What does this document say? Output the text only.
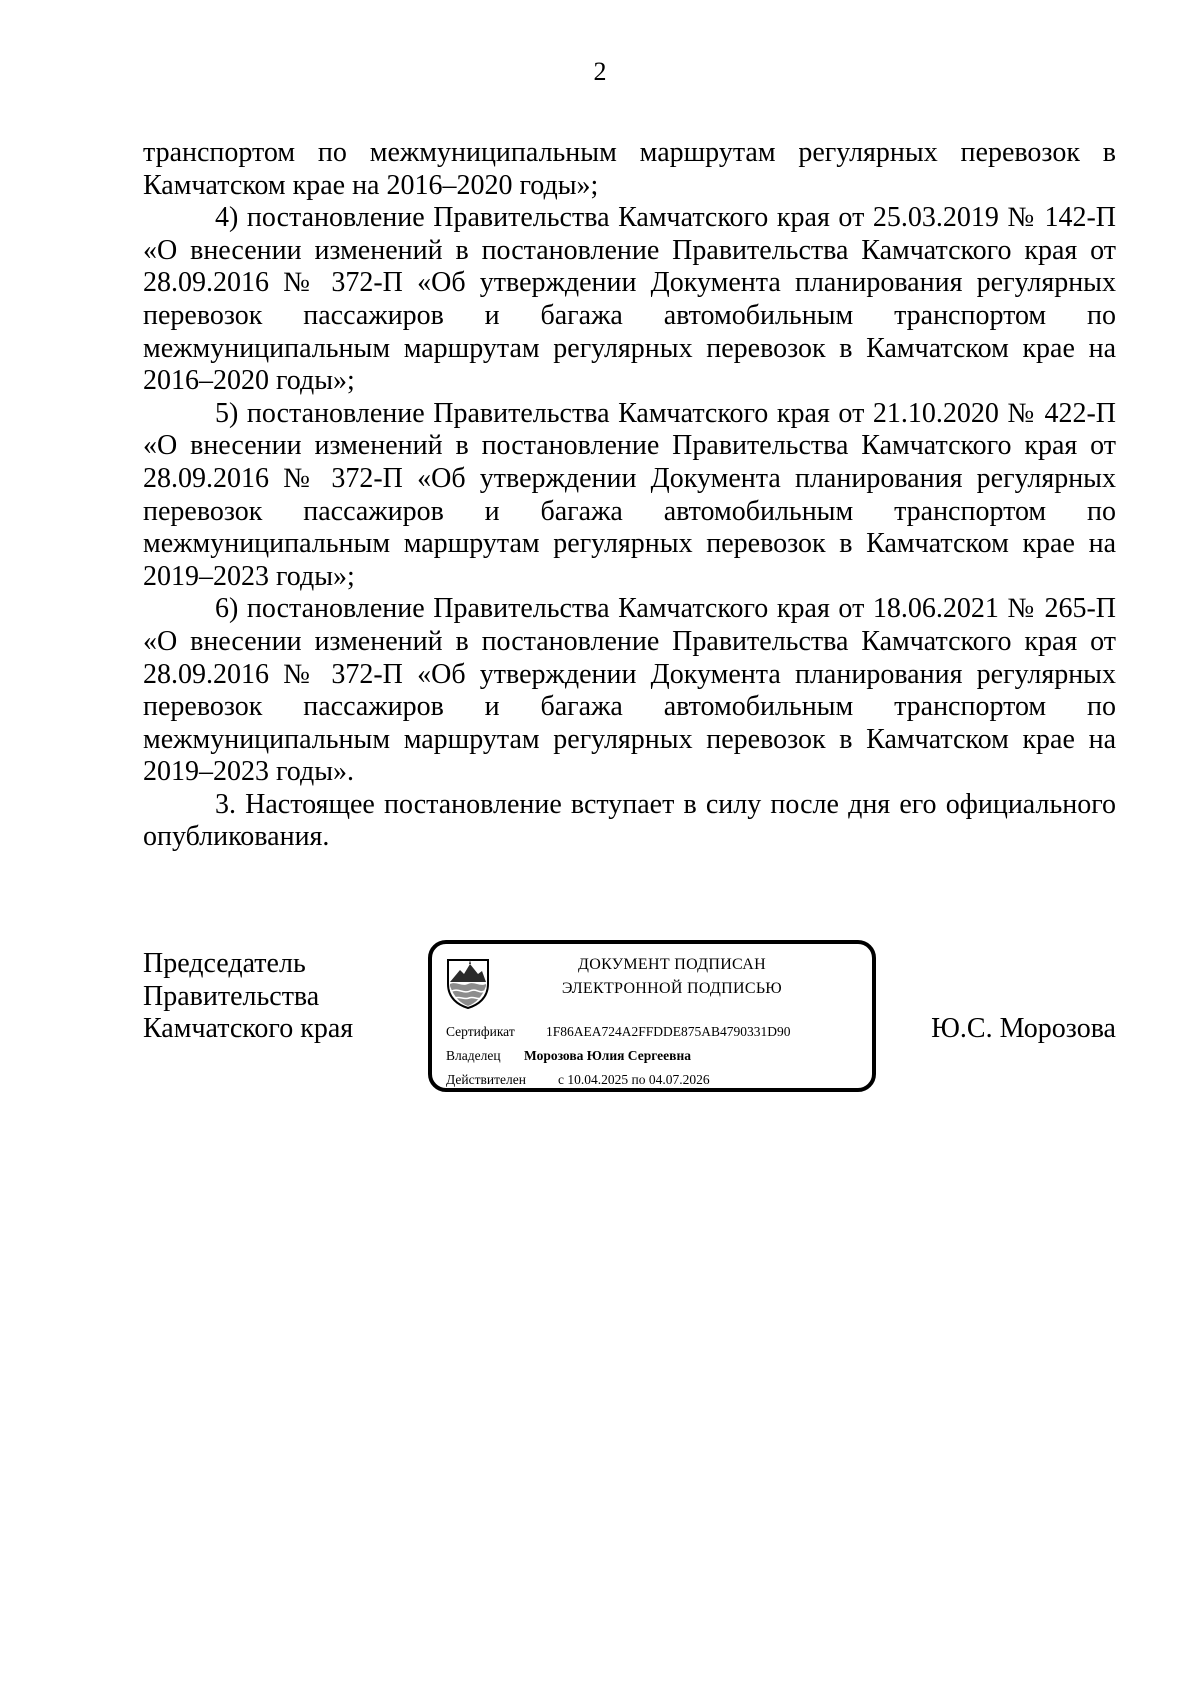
2

транспортом по межмуниципальным маршрутам регулярных перевозок в Камчатском крае на 2016–2020 годы»;

4) постановление Правительства Камчатского края от 25.03.2019 № 142-П «О внесении изменений в постановление Правительства Камчатского края от 28.09.2016 № 372-П «Об утверждении Документа планирования регулярных перевозок пассажиров и багажа автомобильным транспортом по межмуниципальным маршрутам регулярных перевозок в Камчатском крае на 2016–2020 годы»;

5) постановление Правительства Камчатского края от 21.10.2020 № 422-П «О внесении изменений в постановление Правительства Камчатского края от 28.09.2016 № 372-П «Об утверждении Документа планирования регулярных перевозок пассажиров и багажа автомобильным транспортом по межмуниципальным маршрутам регулярных перевозок в Камчатском крае на 2019–2023 годы»;

6) постановление Правительства Камчатского края от 18.06.2021 № 265-П «О внесении изменений в постановление Правительства Камчатского края от 28.09.2016 № 372-П «Об утверждении Документа планирования регулярных перевозок пассажиров и багажа автомобильным транспортом по межмуниципальным маршрутам регулярных перевозок в Камчатском крае на 2019–2023 годы».

3. Настоящее постановление вступает в силу после дня его официального опубликования.

Председатель
Правительства
Камчатского края
ДОКУМЕНТ ПОДПИСАН
ЭЛЕКТРОННОЙ ПОДПИСЬЮ
Сертификат 1F86AEA724A2FFDDE875AB4790331D90
Владелец Морозова Юлия Сергеевна
Действителен с 10.04.2025 по 04.07.2026
Ю.С. Морозова
